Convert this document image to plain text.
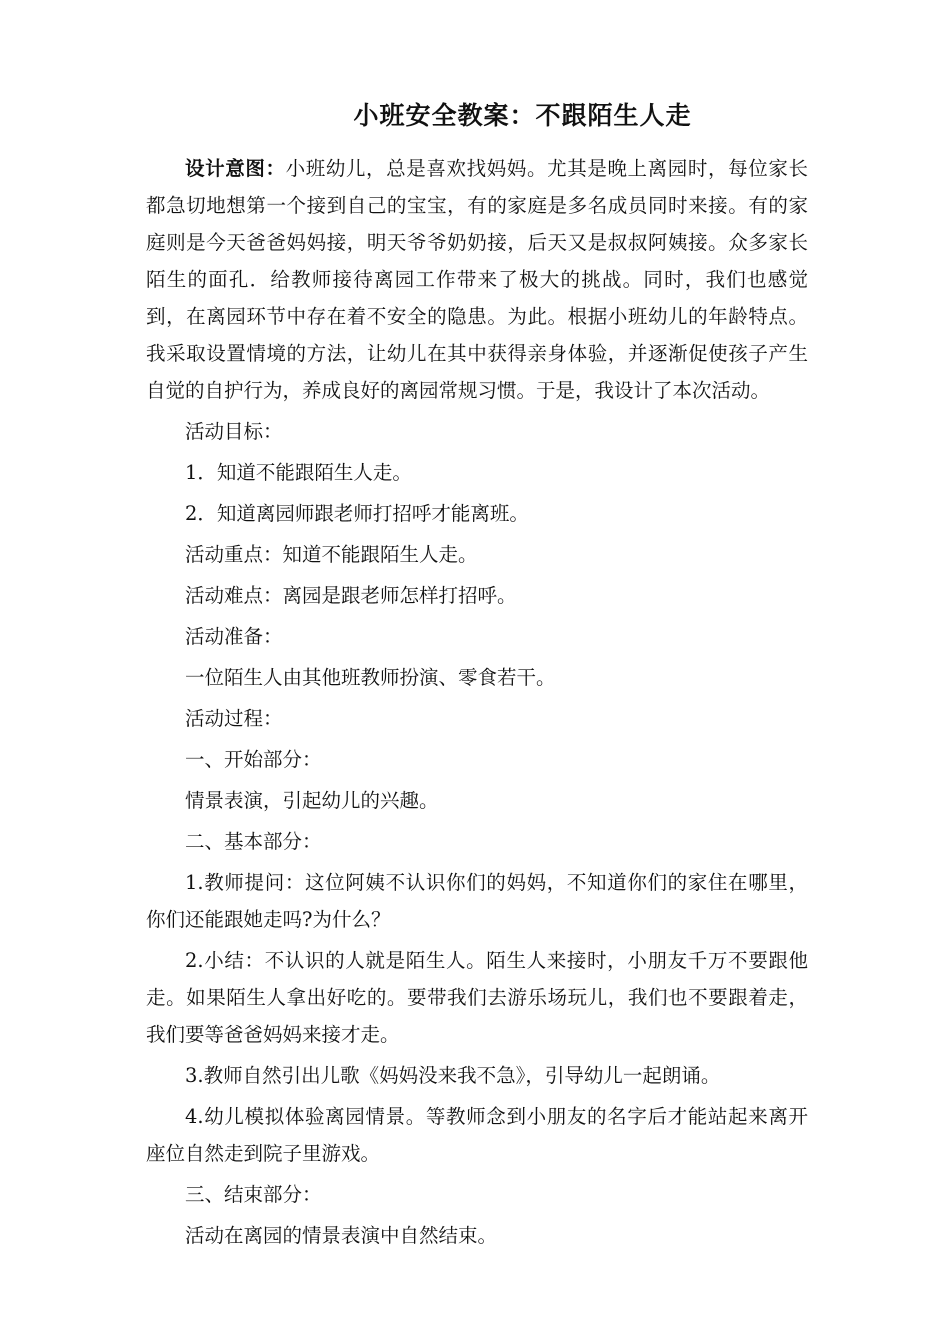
小班安全教案：不跟陌生人走

设计意图：小班幼儿，总是喜欢找妈妈。尤其是晚上离园时，每位家长都急切地想第一个接到自己的宝宝，有的家庭是多名成员同时来接。有的家庭则是今天爸爸妈妈接，明天爷爷奶奶接，后天又是叔叔阿姨接。众多家长陌生的面孔．给教师接待离园工作带来了极大的挑战。同时，我们也感觉到，在离园环节中存在着不安全的隐患。为此。根据小班幼儿的年龄特点。我采取设置情境的方法，让幼儿在其中获得亲身体验，并逐渐促使孩子产生自觉的自护行为，养成良好的离园常规习惯。于是，我设计了本次活动。

活动目标：

1．知道不能跟陌生人走。

2．知道离园师跟老师打招呼才能离班。

活动重点：知道不能跟陌生人走。

活动难点：离园是跟老师怎样打招呼。

活动准备：

一位陌生人由其他班教师扮演、零食若干。

活动过程：

一、开始部分：

情景表演，引起幼儿的兴趣。

二、基本部分：

1.教师提问：这位阿姨不认识你们的妈妈，不知道你们的家住在哪里，你们还能跟她走吗?为什么？

2.小结：不认识的人就是陌生人。陌生人来接时，小朋友千万不要跟他走。如果陌生人拿出好吃的。要带我们去游乐场玩儿，我们也不要跟着走，我们要等爸爸妈妈来接才走。

3.教师自然引出儿歌《妈妈没来我不急》，引导幼儿一起朗诵。

4.幼儿模拟体验离园情景。等教师念到小朋友的名字后才能站起来离开座位自然走到院子里游戏。

三、结束部分：

活动在离园的情景表演中自然结束。
